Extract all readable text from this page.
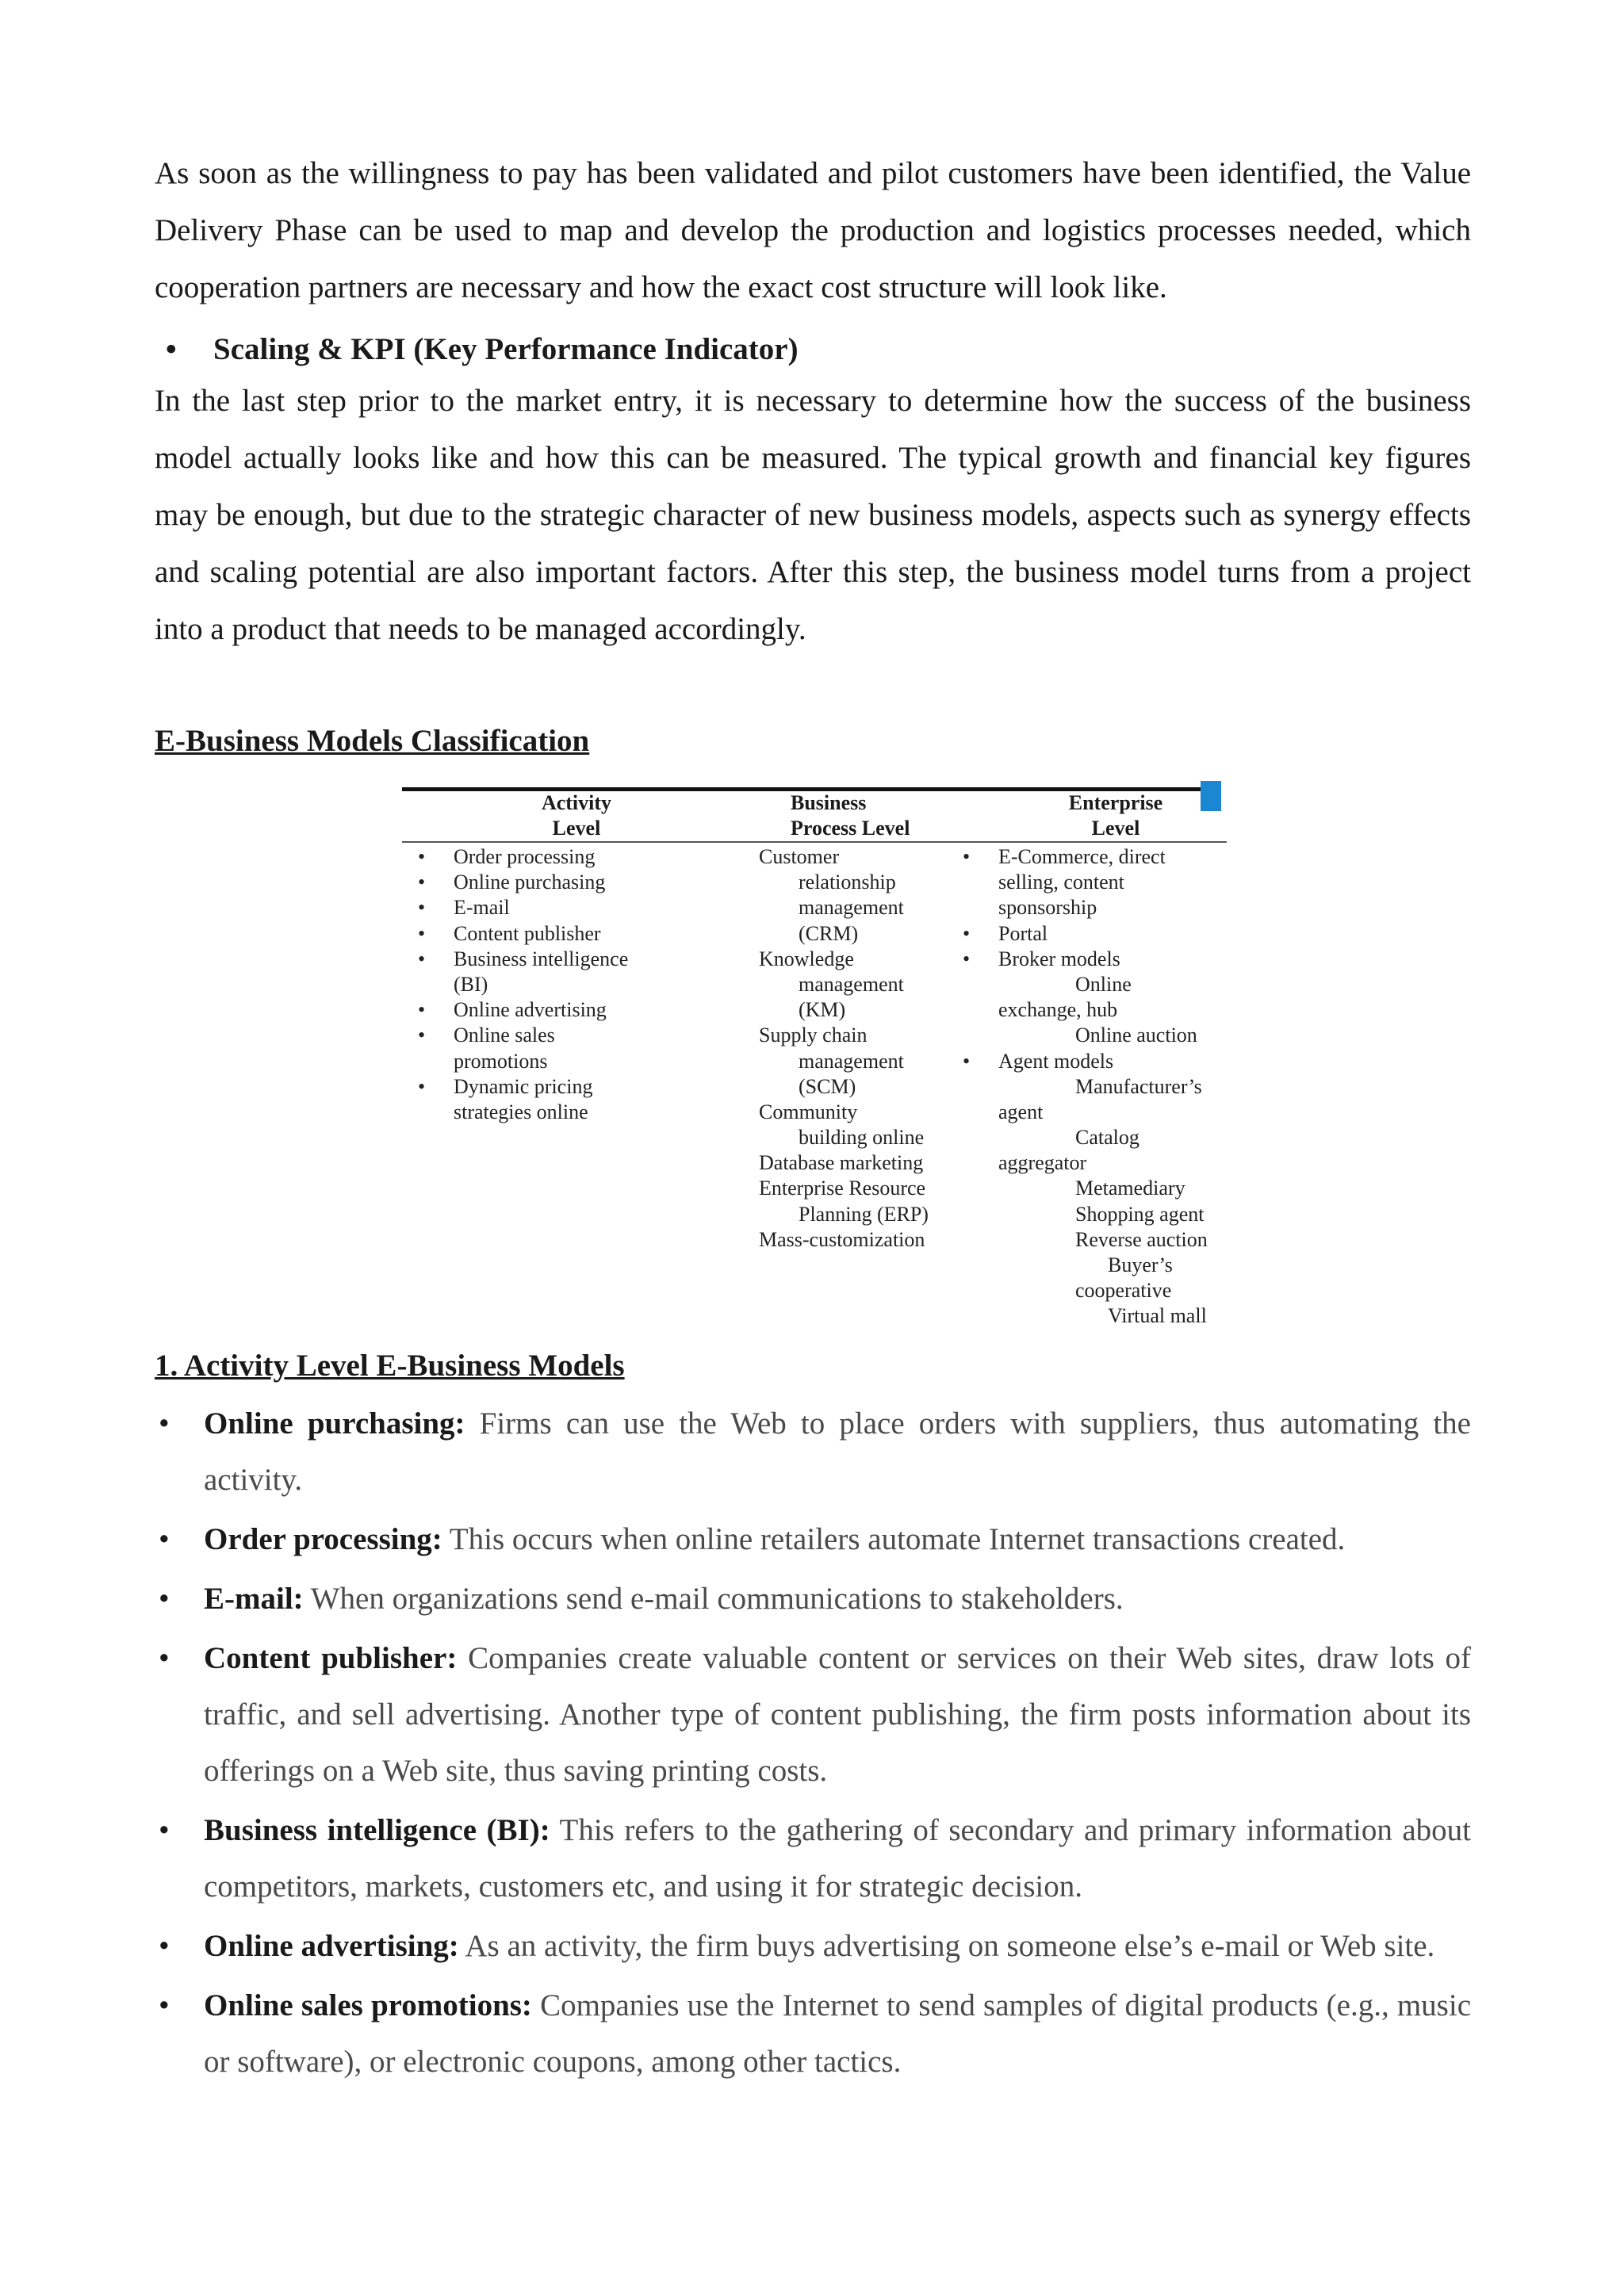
As soon as the willingness to pay has been validated and pilot customers have been identified, the Value Delivery Phase can be used to map and develop the production and logistics processes needed, which cooperation partners are necessary and how the exact cost structure will look like.

• Scaling & KPI (Key Performance Indicator)

In the last step prior to the market entry, it is necessary to determine how the success of the business model actually looks like and how this can be measured. The typical growth and financial key figures may be enough, but due to the strategic character of new business models, aspects such as synergy effects and scaling potential are also important factors. After this step, the business model turns from a project into a product that needs to be managed accordingly.

E-Business Models Classification
Activity
Level
Business
Process Level
Enterprise
Level
• Order processing
• Online purchasing
• E-mail
• Content publisher
• Business intelligence
(BI)
• Online advertising
• Online sales
promotions
• Dynamic pricing
strategies online
Customer
relationship
management
(CRM)
Knowledge
management
(KM)
Supply chain
management
(SCM)
Community
building online
Database marketing
Enterprise Resource
Planning (ERP)
Mass-customization
• E-Commerce, direct
selling, content
sponsorship
• Portal
• Broker models
Online
exchange, hub
Online auction
• Agent models
Manufacturer’s
agent
Catalog
aggregator
Metamediary
Shopping agent
Reverse auction
Buyer’s
cooperative
Virtual mall
1. Activity Level E-Business Models
• Online purchasing: Firms can use the Web to place orders with suppliers, thus automating the activity.
• Order processing: This occurs when online retailers automate Internet transactions created.
• E-mail: When organizations send e-mail communications to stakeholders.
• Content publisher: Companies create valuable content or services on their Web sites, draw lots of traffic, and sell advertising. Another type of content publishing, the firm posts information about its offerings on a Web site, thus saving printing costs.
• Business intelligence (BI): This refers to the gathering of secondary and primary information about competitors, markets, customers etc, and using it for strategic decision.
• Online advertising: As an activity, the firm buys advertising on someone else’s e-mail or Web site.
• Online sales promotions: Companies use the Internet to send samples of digital products (e.g., music or software), or electronic coupons, among other tactics.
